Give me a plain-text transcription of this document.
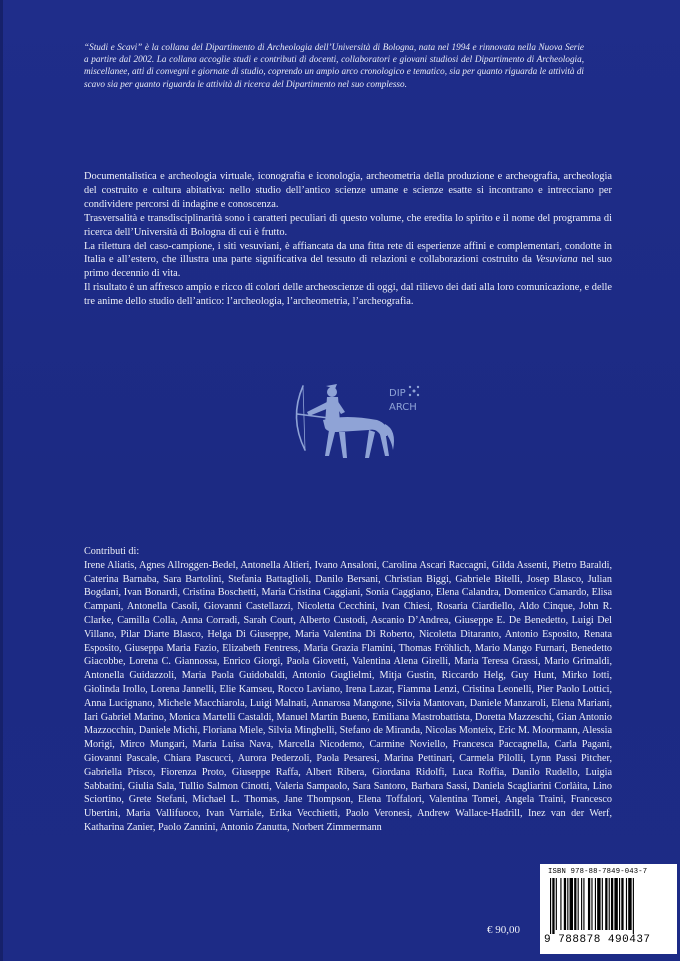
“Studi e Scavi” è la collana del Dipartimento di Archeologia dell’Università di Bologna, nata nel 1994 e rinnovata nella Nuova Serie a partire dal 2002. La collana accoglie studi e contributi di docenti, collaboratori e giovani studiosi del Dipartimento di Archeologia, miscellanee, atti di convegni e giornate di studio, coprendo un ampio arco cronologico e tematico, sia per quanto riguarda le attività di scavo sia per quanto riguarda le attività di ricerca del Dipartimento nel suo complesso.

Documentalistica e archeologia virtuale, iconografia e iconologia, archeometria della produzione e archeografia, archeologia del costruito e cultura abitativa: nello studio dell’antico scienze umane e scienze esatte si incontrano e intrecciano per condividere percorsi di indagine e conoscenza.

Trasversalità e transdisciplinarità sono i caratteri peculiari di questo volume, che eredita lo spirito e il nome del programma di ricerca dell’Università di Bologna di cui è frutto.

La rilettura del caso-campione, i siti vesuviani, è affiancata da una fitta rete di esperienze affini e complementari, condotte in Italia e all’estero, che illustra una parte significativa del tessuto di relazioni e collaborazioni costruito da Vesuviana nel suo primo decennio di vita.

Il risultato è un affresco ampio e ricco di colori delle archeoscienze di oggi, dal rilievo dei dati alla loro comunicazione, e delle tre anime dello studio dell’antico: l’archeologia, l’archeometria, l’archeografia.

DIP
ARCH

Contributi di:

Irene Aliatis, Agnes Allroggen-Bedel, Antonella Altieri, Ivano Ansaloni, Carolina Ascari Raccagni, Gilda Assenti, Pietro Baraldi, Caterina Barnaba, Sara Bartolini, Stefania Battaglioli, Danilo Bersani, Christian Biggi, Gabriele Bitelli, Josep Blasco, Julian Bogdani, Ivan Bonardi, Cristina Boschetti, Maria Cristina Caggiani, Sonia Caggiano, Elena Calandra, Domenico Camardo, Elisa Campani, Antonella Casoli, Giovanni Castellazzi, Nicoletta Cecchini, Ivan Chiesi, Rosaria Ciardiello, Aldo Cinque, John R. Clarke, Camilla Colla, Anna Corradi, Sarah Court, Alberto Custodi, Ascanio D’Andrea, Giuseppe E. De Benedetto, Luigi Del Villano, Pilar Diarte Blasco, Helga Di Giuseppe, Maria Valentina Di Roberto, Nicoletta Ditaranto, Antonio Esposito, Renata Esposito, Giuseppa Maria Fazio, Elizabeth Fentress, Maria Grazia Flamini, Thomas Fröhlich, Mario Mango Furnari, Benedetto Giacobbe, Lorena C. Giannossa, Enrico Giorgi, Paola Giovetti, Valentina Alena Girelli, Maria Teresa Grassi, Mario Grimaldi, Antonella Guidazzoli, Maria Paola Guidobaldi, Antonio Guglielmi, Mitja Gustin, Riccardo Helg, Guy Hunt, Mirko Iotti, Giolinda Irollo, Lorena Jannelli, Elie Kamseu, Rocco Laviano, Irena Lazar, Fiamma Lenzi, Cristina Leonelli, Pier Paolo Lottici, Anna Lucignano, Michele Macchiarola, Luigi Malnati, Annarosa Mangone, Silvia Mantovan, Daniele Manzaroli, Elena Mariani, Iari Gabriel Marino, Monica Martelli Castaldi, Manuel Martín Bueno, Emiliana Mastrobattista, Doretta Mazzeschi, Gian Antonio Mazzocchin, Daniele Michi, Floriana Miele, Silvia Minghelli, Stefano de Miranda, Nicolas Monteix, Eric M. Moormann, Alessia Morigi, Mirco Mungari, Maria Luisa Nava, Marcella Nicodemo, Carmine Noviello, Francesca Paccagnella, Carla Pagani, Giovanni Pascale, Chiara Pascucci, Aurora Pederzoli, Paola Pesaresi, Marina Pettinari, Carmela Pilolli, Lynn Passi Pitcher, Gabriella Prisco, Fiorenza Proto, Giuseppe Raffa, Albert Ribera, Giordana Ridolfi, Luca Roffia, Danilo Rudello, Luigia Sabbatini, Giulia Sala, Tullio Salmon Cinotti, Valeria Sampaolo, Sara Santoro, Barbara Sassi, Daniela Scagliarini Corlàita, Lino Sciortino, Grete Stefani, Michael L. Thomas, Jane Thompson, Elena Toffalori, Valentina Tomei, Angela Traini, Francesco Ubertini, Maria Vallifuoco, Ivan Varriale, Erika Vecchietti, Paolo Veronesi, Andrew Wallace-Hadrill, Inez van der Werf, Katharina Zanier, Paolo Zannini, Antonio Zanutta, Norbert Zimmermann

€ 90,00
ISBN 978-88-7849-043-7
9 788878 490437
